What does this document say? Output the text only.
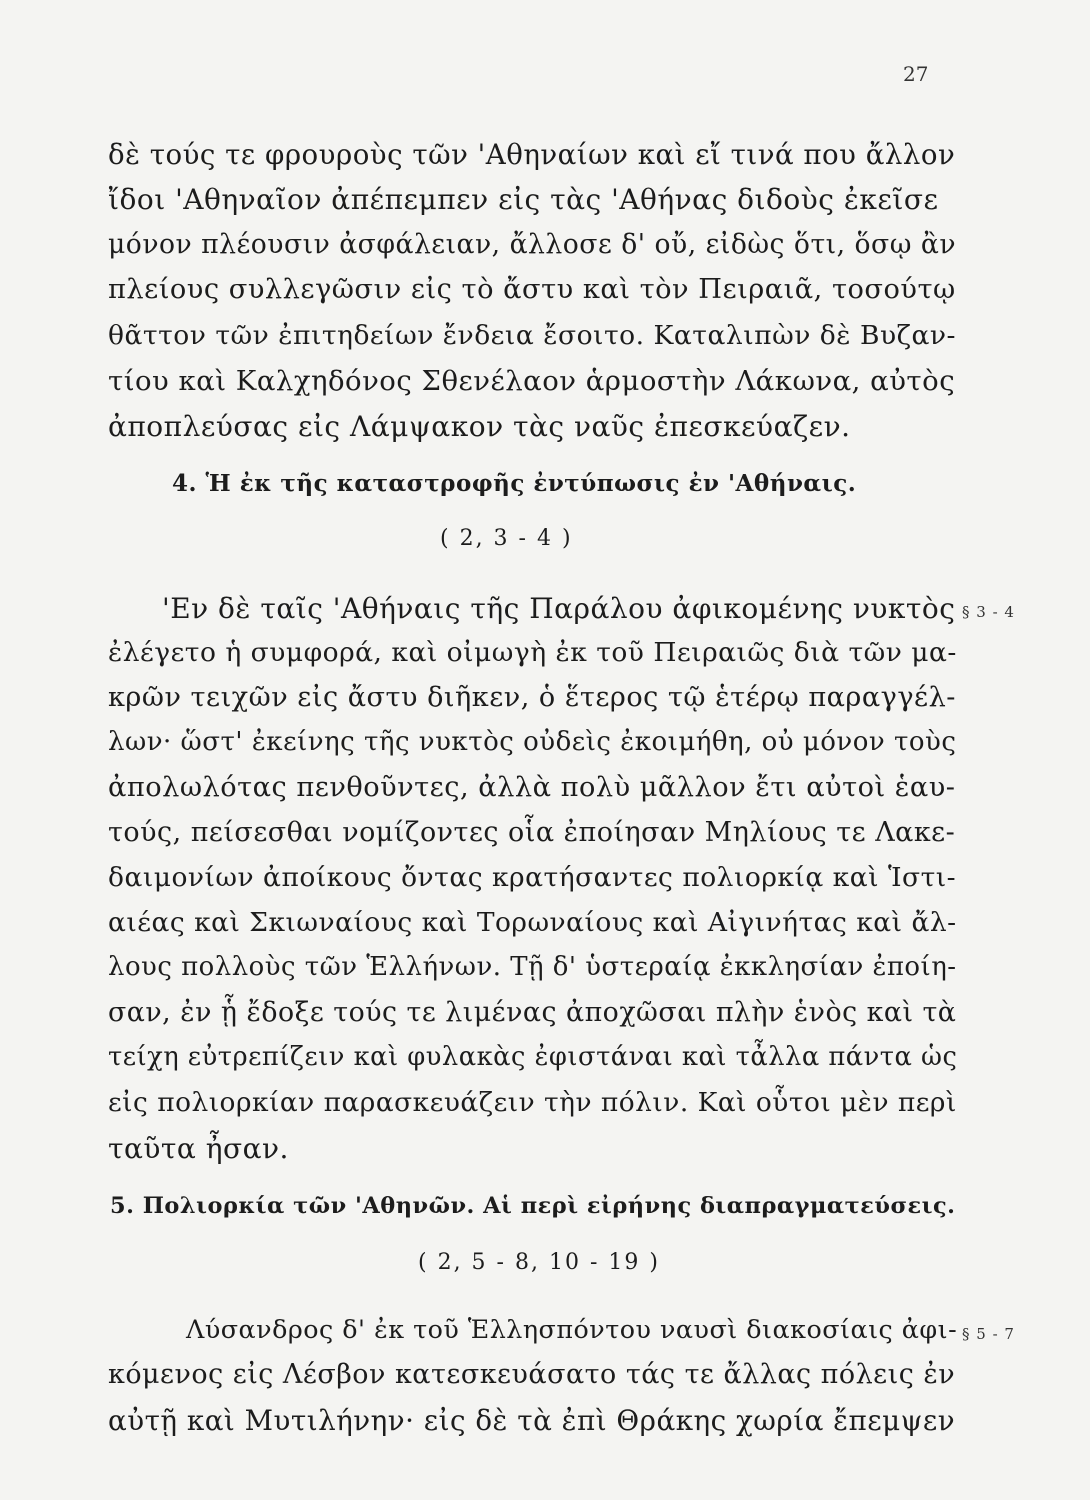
27
δὲ τούς τε φρουροὺς τῶν 'Αθηναίων καὶ εἴ τινά που ἄλλον
ἴδοι 'Αθηναῖον ἀπέπεμπεν εἰς τὰς 'Αθήνας διδοὺς ἐκεῖσε
μόνον πλέουσιν ἀσφάλειαν, ἄλλοσε δ' οὔ, εἰδὼς ὅτι, ὅσῳ ἂν
πλείους συλλεγῶσιν εἰς τὸ ἄστυ καὶ τὸν Πειραιᾶ, τοσούτῳ
θᾶττον τῶν ἐπιτηδείων ἔνδεια ἔσοιτο. Καταλιπὼν δὲ Βυζαν-
τίου καὶ Καλχηδόνος Σθενέλαον ἁρμοστὴν Λάκωνα, αὐτὸς
ἀποπλεύσας εἰς Λάμψακον τὰς ναῦς ἐπεσκεύαζεν.
4. Ἡ ἐκ τῆς καταστροφῆς ἐντύπωσις ἐν 'Αθήναις.
( 2, 3 - 4 )
§ 3 - 4
'Εν δὲ ταῖς 'Αθήναις τῆς Παράλου ἀφικομένης νυκτὸς
ἐλέγετο ἡ συμφορά, καὶ οἰμωγὴ ἐκ τοῦ Πειραιῶς διὰ τῶν μα-
κρῶν τειχῶν εἰς ἄστυ διῆκεν, ὁ ἕτερος τῷ ἑτέρῳ παραγγέλ-
λων· ὥστ' ἐκείνης τῆς νυκτὸς οὐδεὶς ἐκοιμήθη, οὐ μόνον τοὺς
ἀπολωλότας πενθοῦντες, ἀλλὰ πολὺ μᾶλλον ἔτι αὐτοὶ ἑαυ-
τούς, πείσεσθαι νομίζοντες οἷα ἐποίησαν Μηλίους τε Λακε-
δαιμονίων ἀποίκους ὄντας κρατήσαντες πολιορκίᾳ καὶ Ἱστι-
αιέας καὶ Σκιωναίους καὶ Τορωναίους καὶ Αἰγινήτας καὶ ἄλ-
λους πολλοὺς τῶν Ἑλλήνων. Τῇ δ' ὑστεραίᾳ ἐκκλησίαν ἐποίη-
σαν, ἐν ᾗ ἔδοξε τούς τε λιμένας ἀποχῶσαι πλὴν ἑνὸς καὶ τὰ
τείχη εὐτρεπίζειν καὶ φυλακὰς ἐφιστάναι καὶ τἆλλα πάντα ὡς
εἰς πολιορκίαν παρασκευάζειν τὴν πόλιν. Καὶ οὗτοι μὲν περὶ
ταῦτα ἦσαν.
5. Πολιορκία τῶν 'Αθηνῶν. Αἱ περὶ εἰρήνης διαπραγματεύσεις.
( 2, 5 - 8, 10 - 19 )
§ 5 - 7
Λύσανδρος δ' ἐκ τοῦ Ἑλλησπόντου ναυσὶ διακοσίαις ἀφι-
κόμενος εἰς Λέσβον κατεσκευάσατο τάς τε ἄλλας πόλεις ἐν
αὐτῇ καὶ Μυτιλήνην· εἰς δὲ τὰ ἐπὶ Θράκης χωρία ἔπεμψεν
